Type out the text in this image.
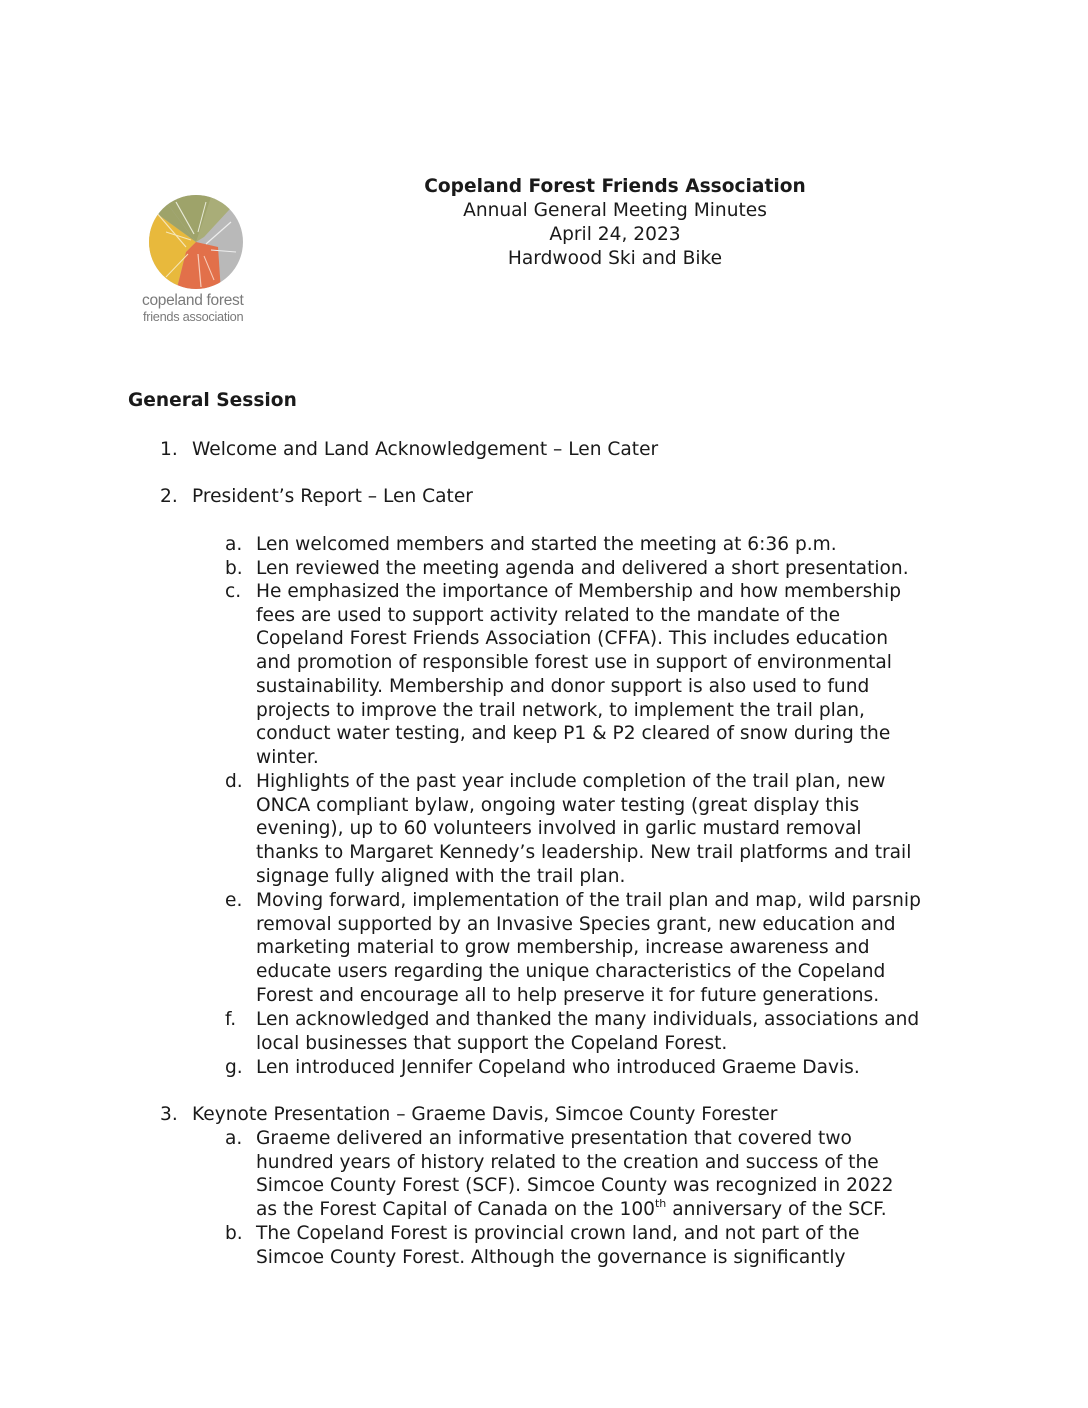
copeland forest
friends association
Copeland Forest Friends Association
Annual General Meeting Minutes
April 24, 2023
Hardwood Ski and Bike
General Session
1. Welcome and Land Acknowledgement – Len Cater
2. President’s Report – Len Cater
a. Len welcomed members and started the meeting at 6:36 p.m.
b. Len reviewed the meeting agenda and delivered a short presentation.
c. He emphasized the importance of Membership and how membership
fees are used to support activity related to the mandate of the
Copeland Forest Friends Association (CFFA). This includes education
and promotion of responsible forest use in support of environmental
sustainability. Membership and donor support is also used to fund
projects to improve the trail network, to implement the trail plan,
conduct water testing, and keep P1 & P2 cleared of snow during the
winter.
d. Highlights of the past year include completion of the trail plan, new
ONCA compliant bylaw, ongoing water testing (great display this
evening), up to 60 volunteers involved in garlic mustard removal
thanks to Margaret Kennedy’s leadership. New trail platforms and trail
signage fully aligned with the trail plan.
e. Moving forward, implementation of the trail plan and map, wild parsnip
removal supported by an Invasive Species grant, new education and
marketing material to grow membership, increase awareness and
educate users regarding the unique characteristics of the Copeland
Forest and encourage all to help preserve it for future generations.
f. Len acknowledged and thanked the many individuals, associations and
local businesses that support the Copeland Forest.
g. Len introduced Jennifer Copeland who introduced Graeme Davis.
3. Keynote Presentation – Graeme Davis, Simcoe County Forester
a. Graeme delivered an informative presentation that covered two
hundred years of history related to the creation and success of the
Simcoe County Forest (SCF). Simcoe County was recognized in 2022
as the Forest Capital of Canada on the 100th anniversary of the SCF.
b. The Copeland Forest is provincial crown land, and not part of the
Simcoe County Forest. Although the governance is significantly
